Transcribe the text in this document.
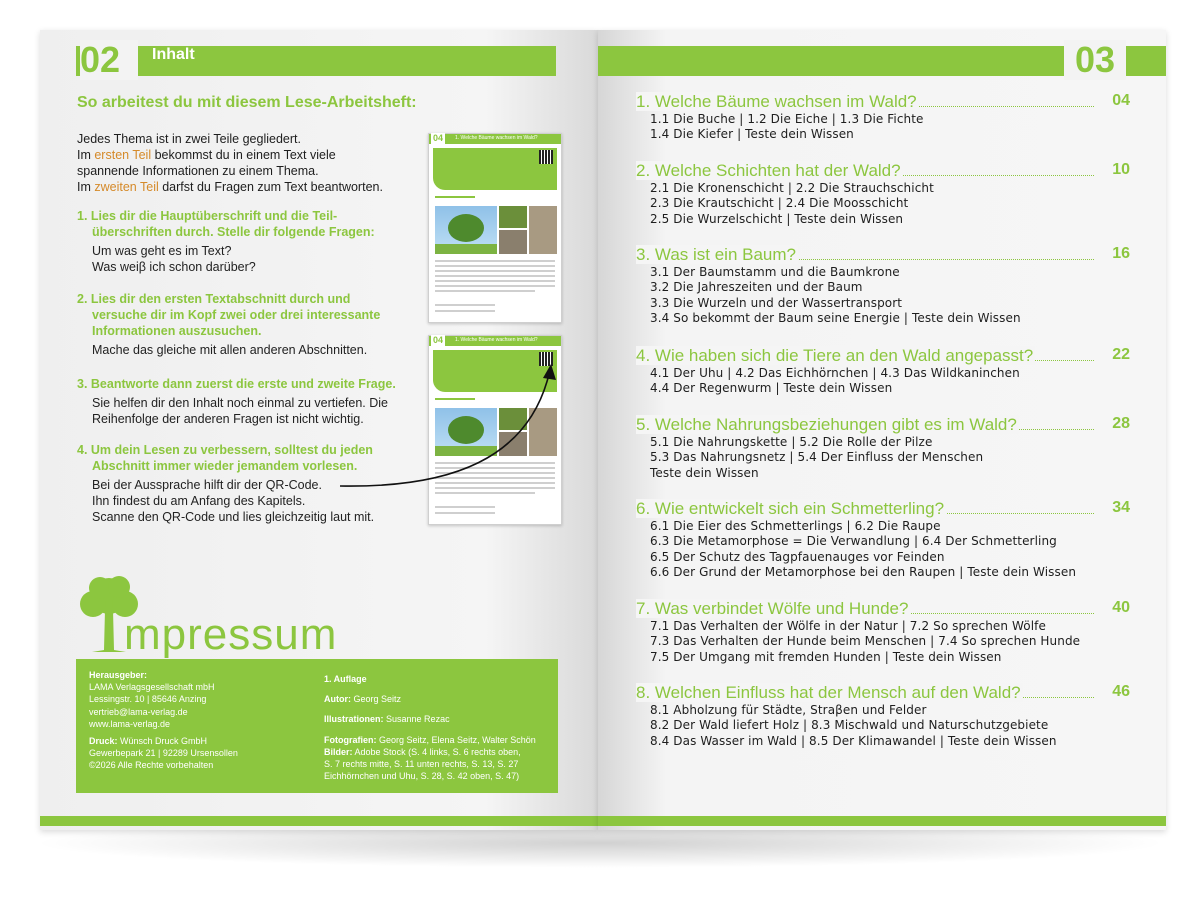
02	Inhalt
So arbeitest du mit diesem Lese-Arbeitsheft:
Jedes Thema ist in zwei Teile gegliedert.
Im ersten Teil bekommst du in einem Text viele
spannende Informationen zu einem Thema.
Im zweiten Teil darfst du Fragen zum Text beantworten.
1. Lies dir die Hauptüberschrift und die Teil-
überschriften durch. Stelle dir folgende Fragen:
Um was geht es im Text?
Was weiβ ich schon darüber?
2. Lies dir den ersten Textabschnitt durch und
versuche dir im Kopf zwei oder drei interessante
Informationen auszusuchen.
Mache das gleiche mit allen anderen Abschnitten.
3. Beantworte dann zuerst die erste und zweite Frage.
Sie helfen dir den Inhalt noch einmal zu vertiefen. Die
Reihenfolge der anderen Fragen ist nicht wichtig.
4. Um dein Lesen zu verbessern, solltest du jeden
Abschnitt immer wieder jemandem vorlesen.
Bei der Aussprache hilft dir der QR-Code.
Ihn findest du am Anfang des Kapitels.
Scanne den QR-Code und lies gleichzeitig laut mit.
04	1. Welche Bäume wachsen im Wald?
04	1. Welche Bäume wachsen im Wald?
mpressum
Herausgeber:
LAMA Verlagsgesellschaft mbH
Lessingstr. 10 | 85646 Anzing
vertrieb@lama-verlag.de
www.lama-verlag.de
Druck: Wünsch Druck GmbH
Gewerbepark 21 | 92289 Ursensollen
©2026 Alle Rechte vorbehalten

1. Auflage

Autor: Georg Seitz

Illustrationen: Susanne Rezac

Fotografien: Georg Seitz, Elena Seitz, Walter Schön
Bilder: Adobe Stock (S. 4 links, S. 6 rechts oben,
S. 7 rechts mitte, S. 11 unten rechts, S. 13, S. 27
Eichhörnchen und Uhu, S. 28, S. 42 oben, S. 47)
03
1. Welche Bäume wachsen im Wald?	04
1.1 Die Buche | 1.2 Die Eiche | 1.3 Die Fichte
1.4 Die Kiefer | Teste dein Wissen
2. Welche Schichten hat der Wald?	10
2.1 Die Kronenschicht | 2.2 Die Strauchschicht
2.3 Die Krautschicht | 2.4 Die Moosschicht
2.5 Die Wurzelschicht | Teste dein Wissen
3. Was ist ein Baum?	16
3.1 Der Baumstamm und die Baumkrone
3.2 Die Jahreszeiten und der Baum
3.3 Die Wurzeln und der Wassertransport
3.4 So bekommt der Baum seine Energie | Teste dein Wissen
4. Wie haben sich die Tiere an den Wald angepasst?	22
4.1 Der Uhu | 4.2 Das Eichhörnchen | 4.3 Das Wildkaninchen
4.4 Der Regenwurm | Teste dein Wissen
5. Welche Nahrungsbeziehungen gibt es im Wald?	28
5.1 Die Nahrungskette | 5.2 Die Rolle der Pilze
5.3 Das Nahrungsnetz | 5.4 Der Einfluss der Menschen
Teste dein Wissen
6. Wie entwickelt sich ein Schmetterling?	34
6.1 Die Eier des Schmetterlings | 6.2 Die Raupe
6.3 Die Metamorphose = Die Verwandlung | 6.4 Der Schmetterling
6.5 Der Schutz des Tagpfauenauges vor Feinden
6.6 Der Grund der Metamorphose bei den Raupen | Teste dein Wissen
7. Was verbindet Wölfe und Hunde?	40
7.1 Das Verhalten der Wölfe in der Natur | 7.2 So sprechen Wölfe
7.3 Das Verhalten der Hunde beim Menschen | 7.4 So sprechen Hunde
7.5 Der Umgang mit fremden Hunden | Teste dein Wissen
8. Welchen Einfluss hat der Mensch auf den Wald?	46
8.1 Abholzung für Städte, Straβen und Felder
8.2 Der Wald liefert Holz | 8.3 Mischwald und Naturschutzgebiete
8.4 Das Wasser im Wald | 8.5 Der Klimawandel | Teste dein Wissen
